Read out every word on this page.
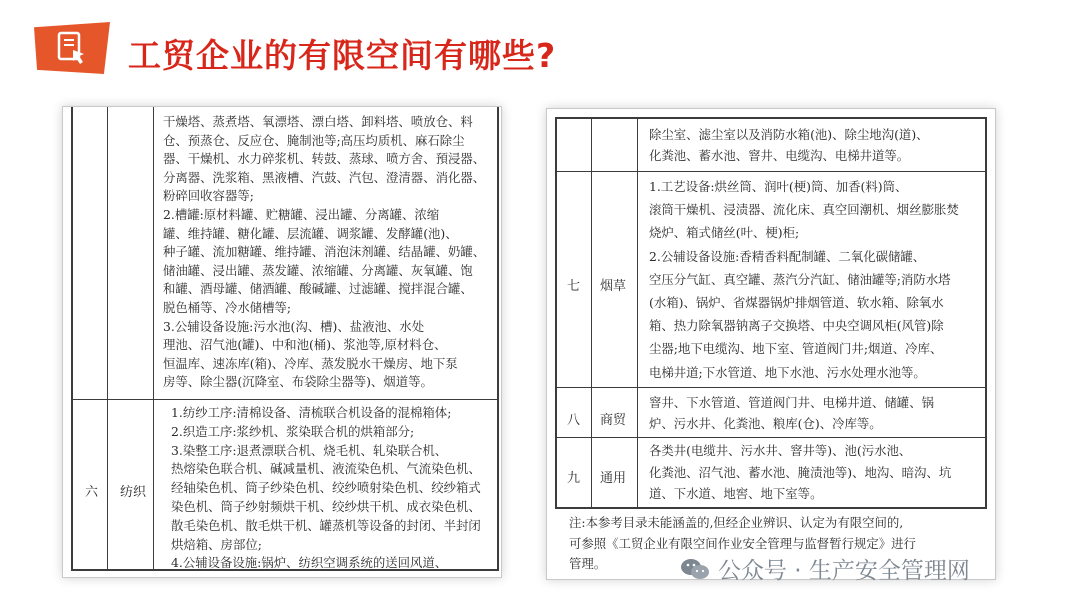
工贸企业的有限空间有哪些?
六 纺织
干燥塔、蒸煮塔、氧漂塔、漂白塔、卸料塔、喷放仓、料
仓、预蒸仓、反应仓、腌制池等;高压均质机、麻石除尘
器、干燥机、水力碎浆机、转鼓、蒸球、喷方舍、預浸器、
分离器、洗浆箱、黑液槽、汽鼓、汽包、澄清器、消化器、
粉碎回收容器等;
2.槽罐:原材料罐、贮糖罐、浸出罐、分离罐、浓缩
罐、维持罐、糖化罐、层流罐、调浆罐、发酵罐(池)、
种子罐、流加糖罐、维持罐、消泡沫剂罐、结晶罐、奶罐、
储油罐、浸出罐、蒸发罐、浓缩罐、分离罐、灰氧罐、饱
和罐、酒母罐、储酒罐、酸碱罐、过滤罐、搅拌混合罐、
脱色桶等、冷水储槽等;
3.公辅设备设施:污水池(沟、槽)、盐液池、水处
理池、沼气池(罐)、中和池(桶)、浆池等,原材料仓、
恒温库、速冻库(箱)、冷库、蒸发脱水干燥房、地下泵
房等、除尘器(沉降室、布袋除尘器等)、烟道等。
1.纺纱工序:清棉设备、清梳联合机设备的混棉箱体;
2.织造工序:浆纱机、浆染联合机的烘箱部分;
3.染整工序:退煮漂联合机、烧毛机、轧染联合机、
热熔染色联合机、碱减量机、液流染色机、气流染色机、
经轴染色机、筒子纱染色机、绞纱喷射染色机、绞纱箱式
染色机、筒子纱射频烘干机、绞纱烘干机、成衣染色机、
散毛染色机、散毛烘干机、罐蒸机等设备的封闭、半封闭
烘焙箱、房部位;
4.公辅设备设施:锅炉、纺织空调系统的送回风道、
七 烟草
八 商贸
九 通用
除尘室、滤尘室以及消防水箱(池)、除尘地沟(道)、
化粪池、蓄水池、窨井、电缆沟、电梯井道等。
1.工艺设备:烘丝筒、润叶(梗)筒、加香(料)筒、
滚筒干燥机、浸渍器、流化床、真空回潮机、烟丝膨胀焚
烧炉、箱式储丝(叶、梗)柜;
2.公辅设备设施:香精香料配制罐、二氧化碳储罐、
空压分气缸、真空罐、蒸汽分汽缸、储油罐等;消防水塔
(水箱)、锅炉、省煤器锅炉排烟管道、软水箱、除氧水
箱、热力除氧器钠离子交换塔、中央空调风柜(风管)除
尘器;地下电缆沟、地下室、管道阀门井;烟道、冷库、
电梯井道;下水管道、地下水池、污水处理水池等。
窨井、下水管道、管道阀门井、电梯井道、储罐、锅
炉、污水井、化粪池、粮库(仓)、冷库等。
各类井(电缆井、污水井、窨井等)、池(污水池、
化粪池、沼气池、蓄水池、腌渍池等)、地沟、暗沟、坑
道、下水道、地窖、地下室等。
注:本参考目录未能涵盖的,但经企业辨识、认定为有限空间的,
可参照《工贸企业有限空间作业安全管理与监督暂行规定》进行
管理。	公众号 · 生产安全管理网
